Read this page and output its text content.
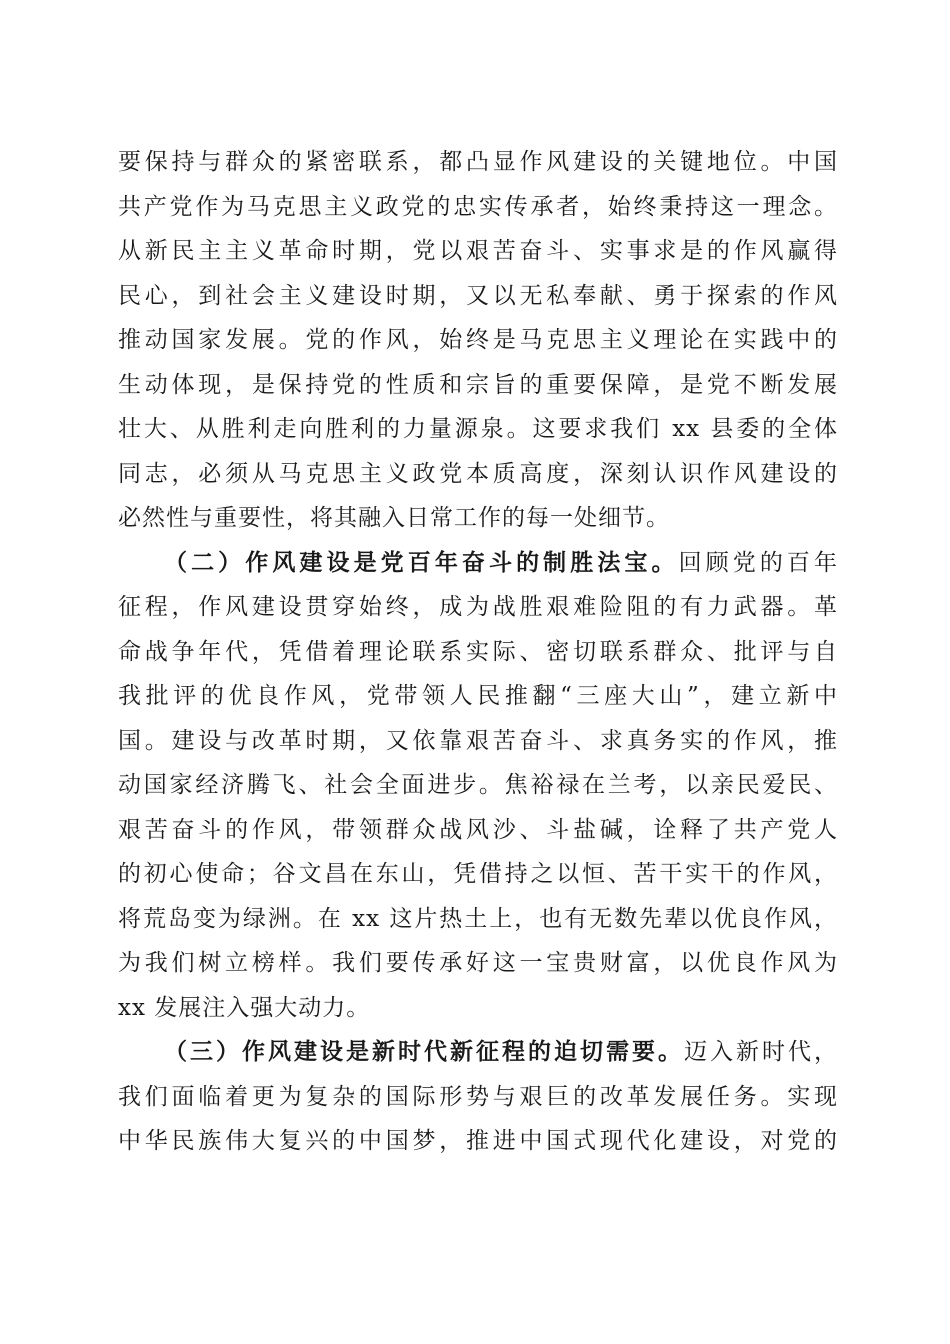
要保持与群众的紧密联系，都凸显作风建设的关键地位。中国
共产党作为马克思主义政党的忠实传承者，始终秉持这一理念。
从新民主主义革命时期，党以艰苦奋斗、实事求是的作风赢得
民心，到社会主义建设时期，又以无私奉献、勇于探索的作风
推动国家发展。党的作风，始终是马克思主义理论在实践中的
生动体现，是保持党的性质和宗旨的重要保障，是党不断发展
壮大、从胜利走向胜利的力量源泉。这要求我们 xx 县委的全体
同志，必须从马克思主义政党本质高度，深刻认识作风建设的
必然性与重要性，将其融入日常工作的每一处细节。
（二）作风建设是党百年奋斗的制胜法宝。回顾党的百年
征程，作风建设贯穿始终，成为战胜艰难险阻的有力武器。革
命战争年代，凭借着理论联系实际、密切联系群众、批评与自
我批评的优良作风，党带领人民推翻“三座大山”，建立新中
国。建设与改革时期，又依靠艰苦奋斗、求真务实的作风，推
动国家经济腾飞、社会全面进步。焦裕禄在兰考，以亲民爱民、
艰苦奋斗的作风，带领群众战风沙、斗盐碱，诠释了共产党人
的初心使命；谷文昌在东山，凭借持之以恒、苦干实干的作风，
将荒岛变为绿洲。在 xx 这片热土上，也有无数先辈以优良作风，
为我们树立榜样。我们要传承好这一宝贵财富，以优良作风为
xx 发展注入强大动力。
（三）作风建设是新时代新征程的迫切需要。迈入新时代，
我们面临着更为复杂的国际形势与艰巨的改革发展任务。实现
中华民族伟大复兴的中国梦，推进中国式现代化建设，对党的
